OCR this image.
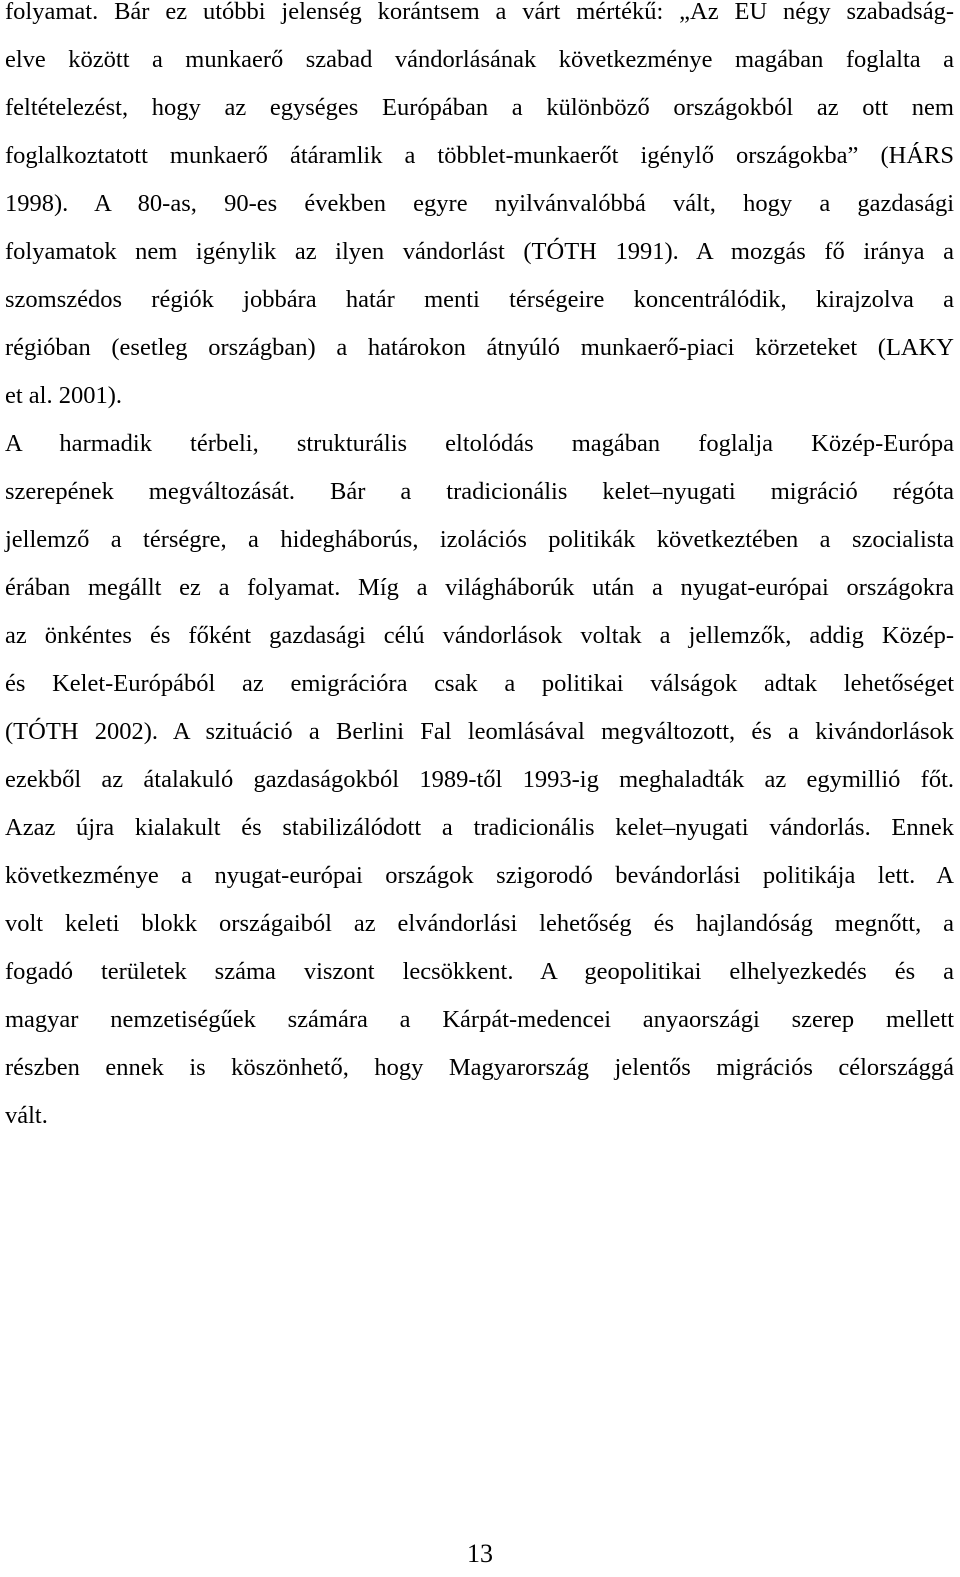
folyamat. Bár ez utóbbi jelenség korántsem a várt mértékű: „Az EU négy szabadság-
elve között a munkaerő szabad vándorlásának következménye magában foglalta a
feltételezést, hogy az egységes Európában a különböző országokból az ott nem
foglalkoztatott munkaerő átáramlik a többlet-munkaerőt igénylő országokba” (HÁRS
1998). A 80-as, 90-es években egyre nyilvánvalóbbá vált, hogy a gazdasági
folyamatok nem igénylik az ilyen vándorlást (TÓTH 1991). A mozgás fő iránya a
szomszédos régiók jobbára határ menti térségeire koncentrálódik, kirajzolva a
régióban (esetleg országban) a határokon átnyúló munkaerő-piaci körzeteket (LAKY
et al. 2001).
A harmadik térbeli, strukturális eltolódás magában foglalja Közép-Európa
szerepének megváltozását. Bár a tradicionális kelet–nyugati migráció régóta
jellemző a térségre, a hidegháborús, izolációs politikák következtében a szocialista
érában megállt ez a folyamat. Míg a világháborúk után a nyugat-európai országokra
az önkéntes és főként gazdasági célú vándorlások voltak a jellemzők, addig Közép-
és Kelet-Európából az emigrációra csak a politikai válságok adtak lehetőséget
(TÓTH 2002). A szituáció a Berlini Fal leomlásával megváltozott, és a kivándorlások
ezekből az átalakuló gazdaságokból 1989-től 1993-ig meghaladták az egymillió főt.
Azaz újra kialakult és stabilizálódott a tradicionális kelet–nyugati vándorlás. Ennek
következménye a nyugat-európai országok szigorodó bevándorlási politikája lett. A
volt keleti blokk országaiból az elvándorlási lehetőség és hajlandóság megnőtt, a
fogadó területek száma viszont lecsökkent. A geopolitikai elhelyezkedés és a
magyar nemzetiségűek számára a Kárpát-medencei anyaországi szerep mellett
részben ennek is köszönhető, hogy Magyarország jelentős migrációs célországgá
vált.
13
